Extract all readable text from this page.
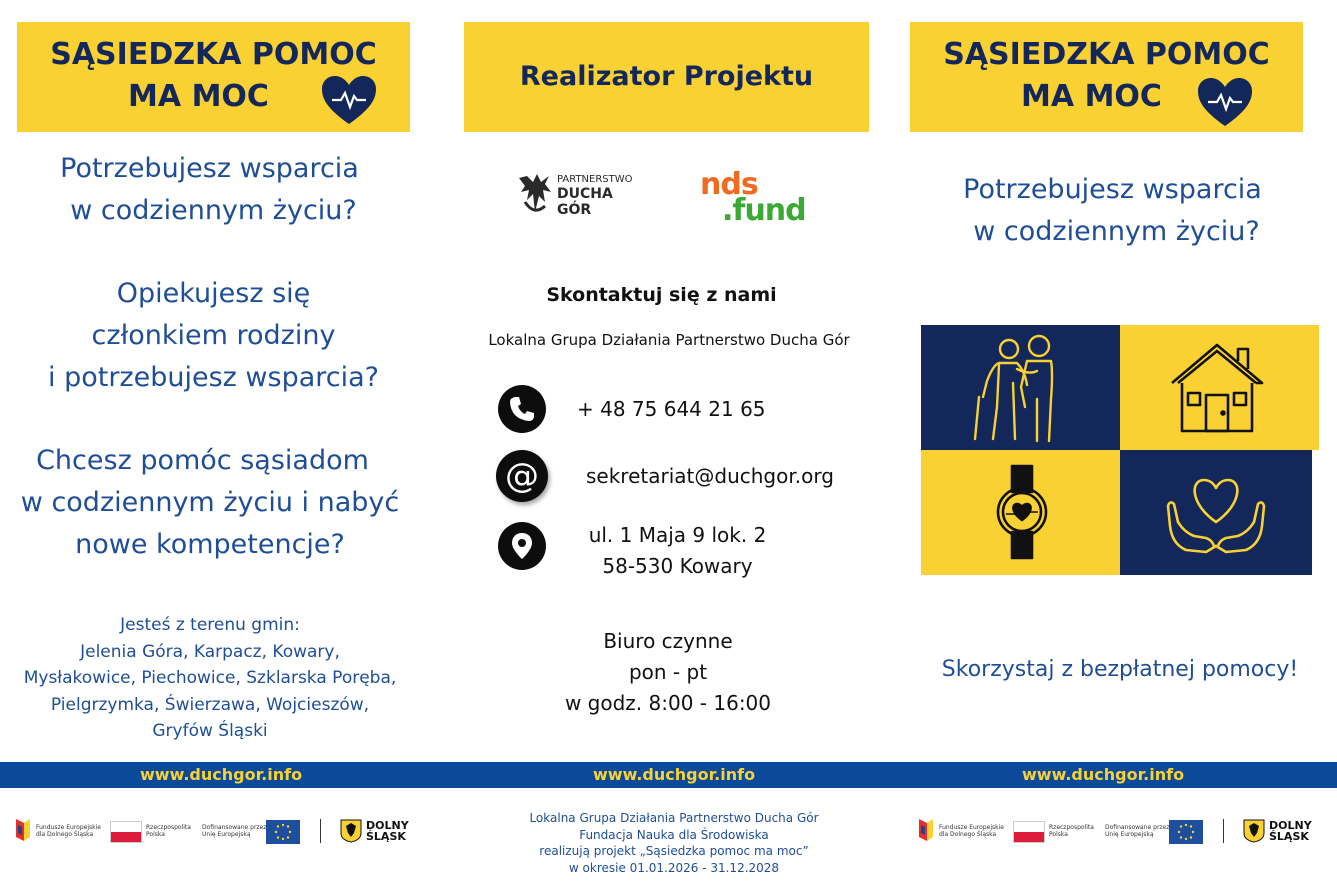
SĄSIEDZKA POMOC
MA MOC
Potrzebujesz wsparcia
w codziennym życiu?
Opiekujesz się
członkiem rodziny
i potrzebujesz wsparcia?
Chcesz pomóc sąsiadom
w codziennym życiu i nabyć
nowe kompetencje?
Jesteś z terenu gmin:
Jelenia Góra, Karpacz, Kowary,
Mysłakowice, Piechowice, Szklarska Poręba,
Pielgrzymka, Świerzawa, Wojcieszów,
Gryfów Śląski
Realizator Projektu
PARTNERSTWO
DUCHA
GÓR
nds
.fund
Skontaktuj się z nami
Lokalna Grupa Działania Partnerstwo Ducha Gór
+ 48 75 644 21 65
@ sekretariat@duchgor.org
ul. 1 Maja 9 lok. 2
58-530 Kowary
Biuro czynne
pon - pt
w godz. 8:00 - 16:00
SĄSIEDZKA POMOC
MA MOC
Potrzebujesz wsparcia
w codziennym życiu?
Skorzystaj z bezpłatnej pomocy!
www.duchgor.info	www.duchgor.info	www.duchgor.info
Fundusze Europejskie
dla Dolnego Śląska
Rzeczpospolita
Polska
Dofinansowane przez
Unię Europejską
DOLNY
ŚLĄSK
Lokalna Grupa Działania Partnerstwo Ducha Gór
Fundacja Nauka dla Środowiska
realizują projekt „Sąsiedzka pomoc ma moc”
w okresie 01.01.2026 - 31.12.2028
Fundusze Europejskie
dla Dolnego Śląska
Rzeczpospolita
Polska
Dofinansowane przez
Unię Europejską
DOLNY
ŚLĄSK
